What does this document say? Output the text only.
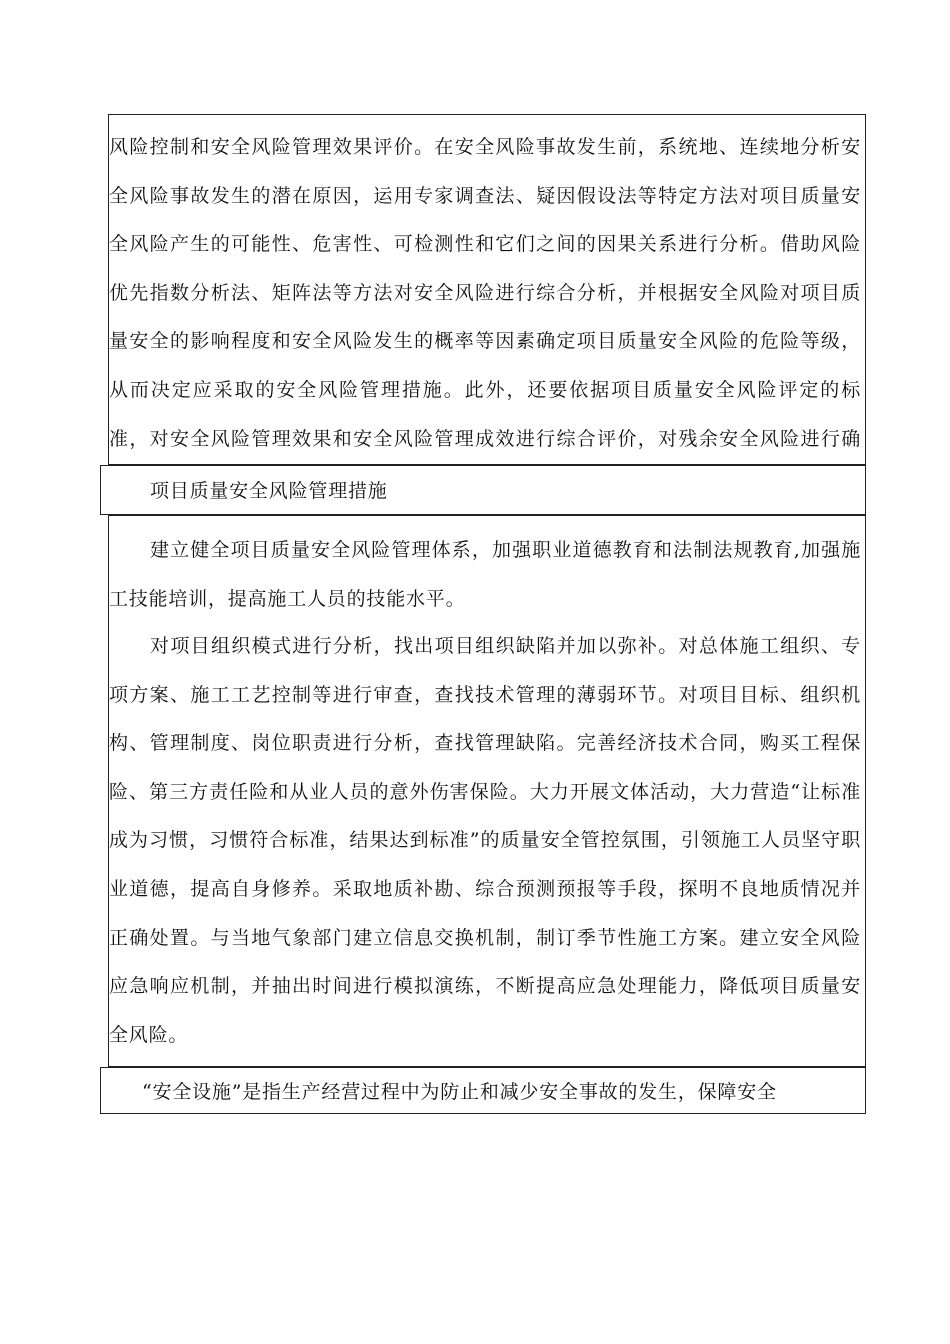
风险控制和安全风险管理效果评价。在安全风险事故发生前，系统地、连续地分析安全风险事故发生的潜在原因，运用专家调查法、疑因假设法等特定方法对项目质量安全风险产生的可能性、危害性、可检测性和它们之间的因果关系进行分析。借助风险优先指数分析法、矩阵法等方法对安全风险进行综合分析，并根据安全风险对项目质量安全的影响程度和安全风险发生的概率等因素确定项目质量安全风险的危险等级，从而决定应采取的安全风险管理措施。此外，还要依据项目质量安全风险评定的标准，对安全风险管理效果和安全风险管理成效进行综合评价，对残余安全风险进行确

项目质量安全风险管理措施

建立健全项目质量安全风险管理体系，加强职业道德教育和法制法规教育,加强施工技能培训，提高施工人员的技能水平。

对项目组织模式进行分析，找出项目组织缺陷并加以弥补。对总体施工组织、专项方案、施工工艺控制等进行审查，查找技术管理的薄弱环节。对项目目标、组织机构、管理制度、岗位职责进行分析，查找管理缺陷。完善经济技术合同，购买工程保险、第三方责任险和从业人员的意外伤害保险。大力开展文体活动，大力营造“让标准成为习惯，习惯符合标准，结果达到标准”的质量安全管控氛围，引领施工人员坚守职业道德，提高自身修养。采取地质补勘、综合预测预报等手段，探明不良地质情况并正确处置。与当地气象部门建立信息交换机制，制订季节性施工方案。建立安全风险应急响应机制，并抽出时间进行模拟演练，不断提高应急处理能力，降低项目质量安全风险。

“安全设施”是指生产经营过程中为防止和减少安全事故的发生，保障安全
